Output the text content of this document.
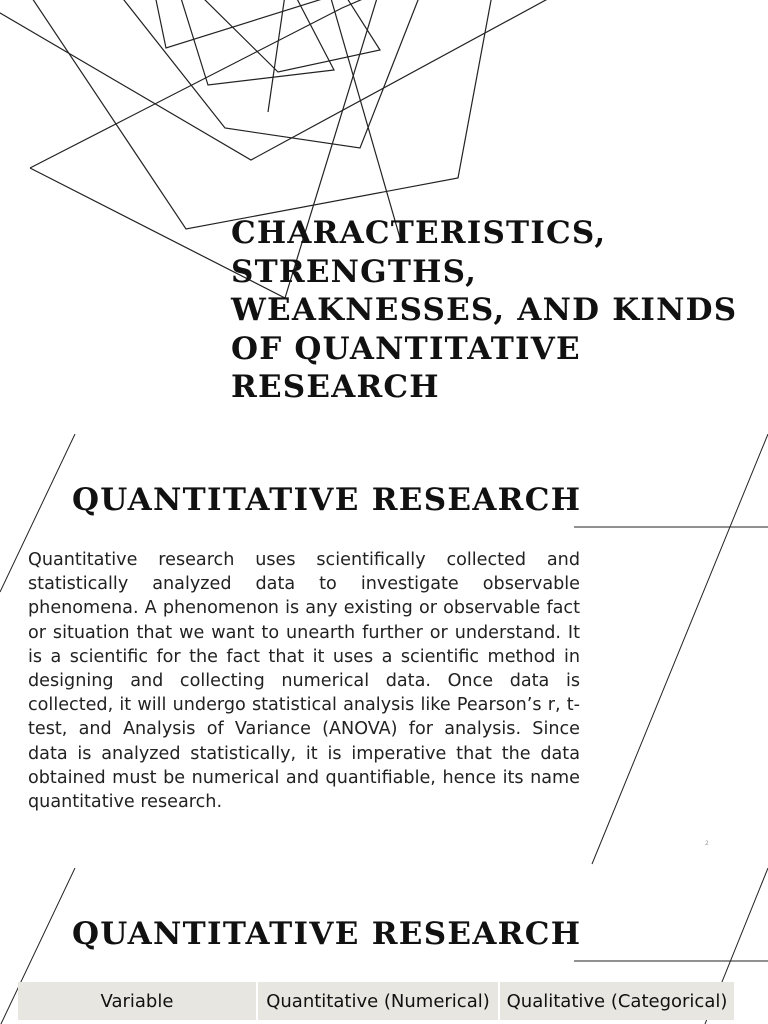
CHARACTERISTICS, STRENGTHS, WEAKNESSES, AND KINDS OF QUANTITATIVE RESEARCH
QUANTITATIVE RESEARCH

Quantitative research uses scientifically collected and statistically analyzed data to investigate observable phenomena. A phenomenon is any existing or observable fact or situation that we want to unearth further or understand. It is a scientific for the fact that it uses a scientific method in designing and collecting numerical data. Once data is collected, it will undergo statistical analysis like Pearson’s r, t-test, and Analysis of Variance (ANOVA) for analysis. Since data is analyzed statistically, it is imperative that the data obtained must be numerical and quantifiable, hence its name quantitative research.

2
QUANTITATIVE RESEARCH
Variable	Quantitative (Numerical)	Qualitative (Categorical)
